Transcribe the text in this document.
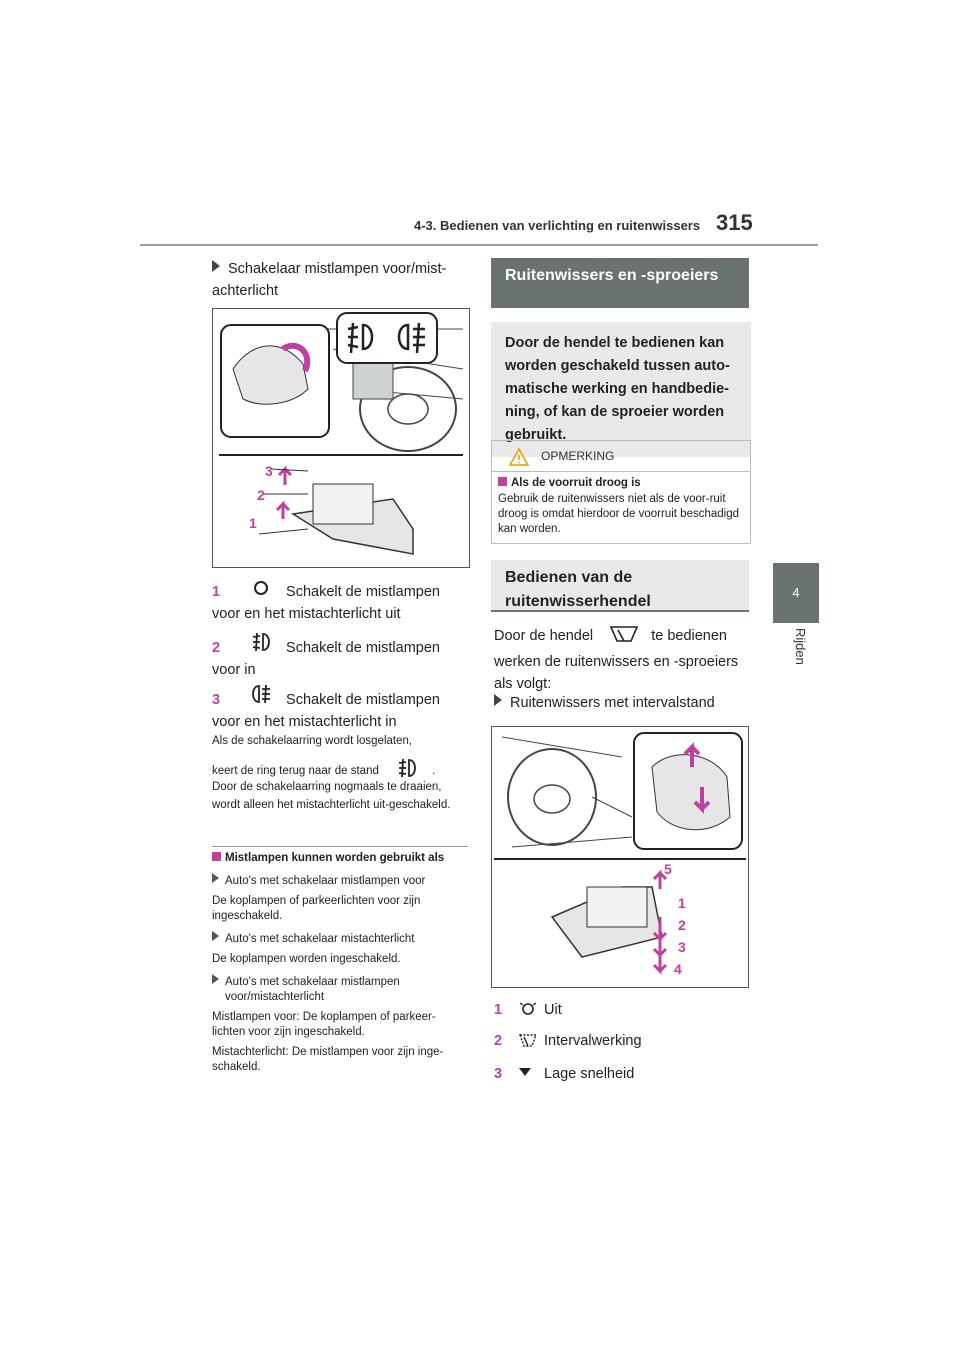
4-3. Bedienen van verlichting en ruitenwissers 315
4
Rijden
Schakelaar mistlampen voor/mist-achterlicht
3
2
1
1	Schakelt de mistlampen voor en het mistachterlicht uit
2	Schakelt de mistlampen voor in
3	Schakelt de mistlampen voor en het mistachterlicht in
Als de schakelaarring wordt losgelaten,
keert de ring terug naar de stand	.
Door de schakelaarring nogmaals te draaien, wordt alleen het mistachterlicht uit-geschakeld.
Mistlampen kunnen worden gebruikt als
Auto's met schakelaar mistlampen voor
De koplampen of parkeerlichten voor zijn ingeschakeld.
Auto's met schakelaar mistachterlicht
De koplampen worden ingeschakeld.
Auto's met schakelaar mistlampen voor/mistachterlicht
Mistlampen voor: De koplampen of parkeer-lichten voor zijn ingeschakeld.
Mistachterlicht: De mistlampen voor zijn inge-schakeld.
Ruitenwissers en -sproeiers
Door de hendel te bedienen kan worden geschakeld tussen auto-matische werking en handbedie-ning, of kan de sproeier worden gebruikt.
OPMERKING
Als de voorruit droog is
Gebruik de ruitenwissers niet als de voor-ruit droog is omdat hierdoor de voorruit beschadigd kan worden.
Bedienen van de ruitenwisserhendel
Door de hendel	te bedienen werken de ruitenwissers en -sproeiers als volgt:
Ruitenwissers met intervalstand
5
1
2
3
4
1	Uit
2	Intervalwerking
3	Lage snelheid
